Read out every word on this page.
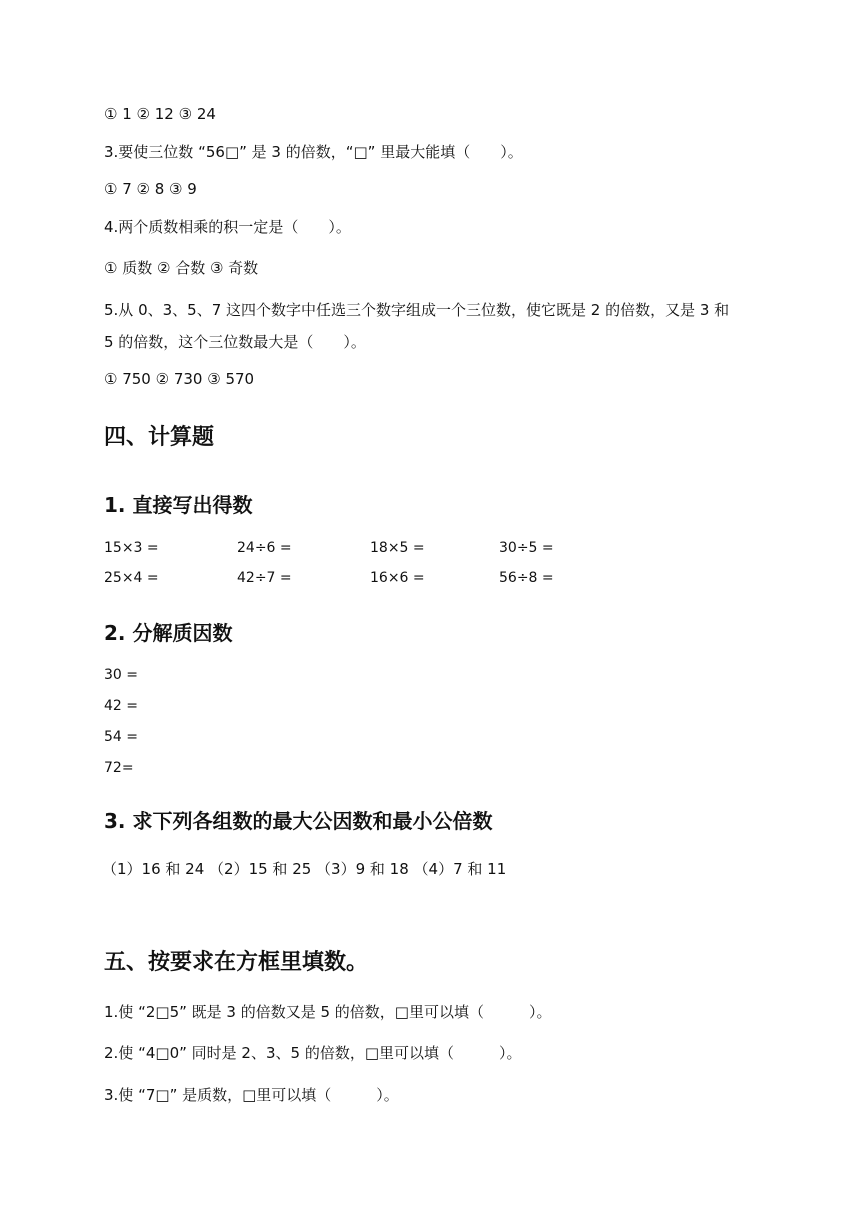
① 1 ② 12 ③ 24
3.要使三位数 “56□” 是 3 的倍数，“□” 里最大能填（　　）。
① 7 ② 8 ③ 9
4.两个质数相乘的积一定是（　　）。
① 质数 ② 合数 ③ 奇数
5.从 0、3、5、7 这四个数字中任选三个数字组成一个三位数，使它既是 2 的倍数，又是 3 和
5 的倍数，这个三位数最大是（　　）。
① 750 ② 730 ③ 570
四、计算题
1. 直接写出得数
15×3 =	24÷6 =	18×5 =	30÷5 =
25×4 =	42÷7 =	16×6 =	56÷8 =
2. 分解质因数
30 =
42 =
54 =
72=
3. 求下列各组数的最大公因数和最小公倍数
（1）16 和 24 （2）15 和 25 （3）9 和 18 （4）7 和 11
五、按要求在方框里填数。
1.使 “2□5” 既是 3 的倍数又是 5 的倍数，□里可以填（　　　）。
2.使 “4□0” 同时是 2、3、5 的倍数，□里可以填（　　　）。
3.使 “7□” 是质数，□里可以填（　　　）。
